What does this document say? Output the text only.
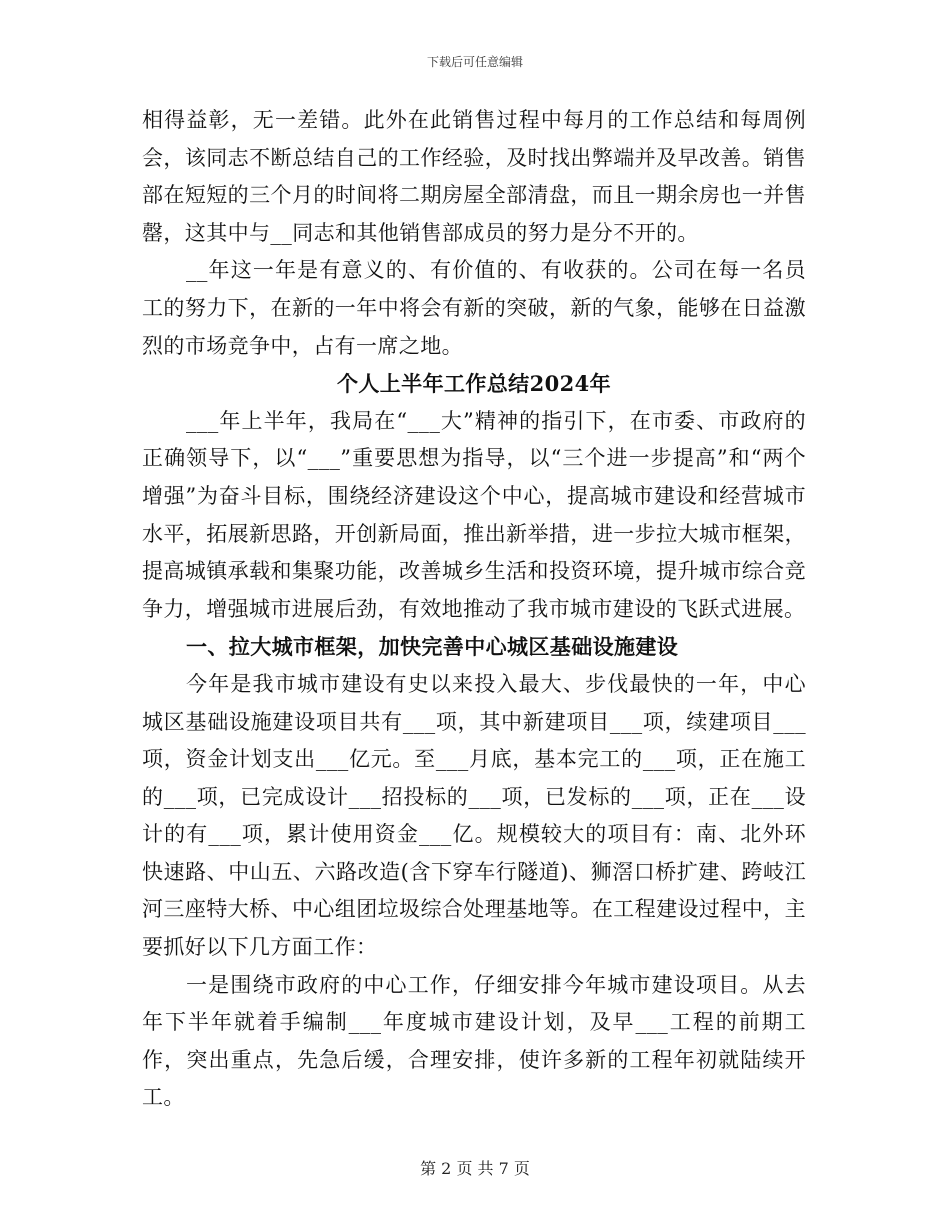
下载后可任意编辑

相得益彰，无一差错。此外在此销售过程中每月的工作总结和每周例会，该同志不断总结自己的工作经验，及时找出弊端并及早改善。销售部在短短的三个月的时间将二期房屋全部清盘，而且一期余房也一并售罄，这其中与__同志和其他销售部成员的努力是分不开的。

__年这一年是有意义的、有价值的、有收获的。公司在每一名员工的努力下，在新的一年中将会有新的突破，新的气象，能够在日益激烈的市场竞争中，占有一席之地。

个人上半年工作总结2024年

___年上半年，我局在“___大”精神的指引下，在市委、市政府的正确领导下，以“___”重要思想为指导，以“三个进一步提高”和“两个增强”为奋斗目标，围绕经济建设这个中心，提高城市建设和经营城市水平，拓展新思路，开创新局面，推出新举措，进一步拉大城市框架，提高城镇承载和集聚功能，改善城乡生活和投资环境，提升城市综合竞争力，增强城市进展后劲，有效地推动了我市城市建设的飞跃式进展。

一、拉大城市框架，加快完善中心城区基础设施建设

今年是我市城市建设有史以来投入最大、步伐最快的一年，中心城区基础设施建设项目共有___项，其中新建项目___项，续建项目___项，资金计划支出___亿元。至___月底，基本完工的___项，正在施工的___项，已完成设计___招投标的___项，已发标的___项，正在___设计的有___项，累计使用资金___亿。规模较大的项目有：南、北外环快速路、中山五、六路改造(含下穿车行隧道)、狮滘口桥扩建、跨岐江河三座特大桥、中心组团垃圾综合处理基地等。在工程建设过程中，主要抓好以下几方面工作：

一是围绕市政府的中心工作，仔细安排今年城市建设项目。从去年下半年就着手编制___年度城市建设计划，及早___工程的前期工作，突出重点，先急后缓，合理安排，使许多新的工程年初就陆续开工。

第 2 页 共 7 页
